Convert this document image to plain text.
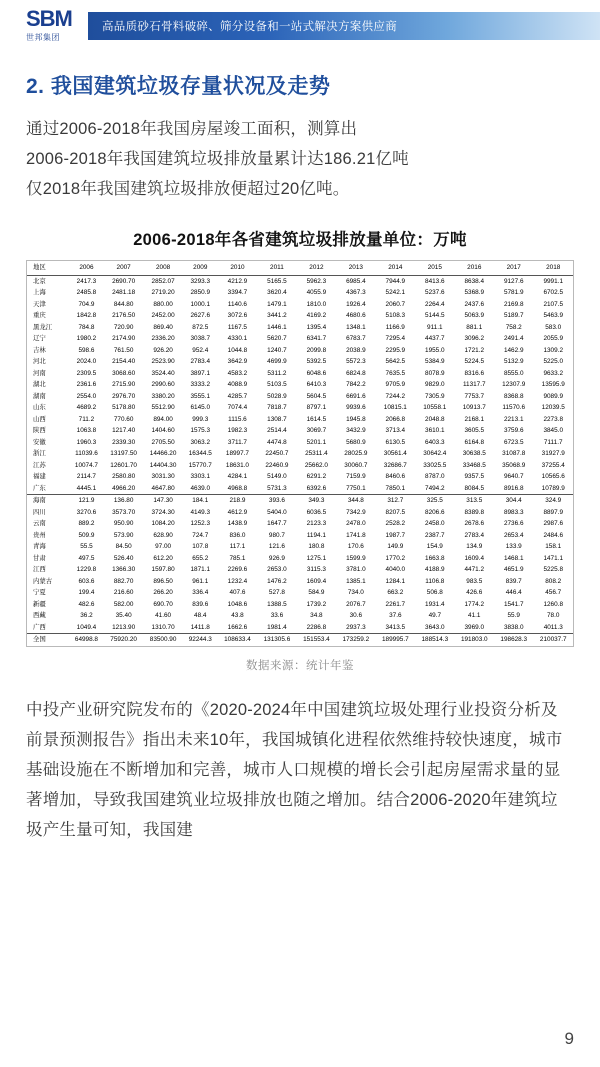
SBM
世邦集团
高品质砂石骨料破碎、筛分设备和一站式解决方案供应商
2. 我国建筑垃圾存量状况及走势
通过2006-2018年我国房屋竣工面积，测算出
2006-2018年我国建筑垃圾排放量累计达186.21亿吨
仅2018年我国建筑垃圾排放便超过20亿吨。
2006-2018年各省建筑垃圾排放量单位：万吨
地区	2006	2007	2008	2009	2010	2011	2012	2013	2014	2015	2016	2017	2018
北京	2417.3	2690.70	2852.07	3293.3	4212.9	5165.5	5962.3	6985.4	7944.9	8413.6	8638.4	9127.6	9991.1
上海	2485.8	2481.18	2719.20	2850.9	3394.7	3620.4	4055.9	4367.3	5242.1	5237.6	5368.9	5781.9	6702.5
天津	704.9	844.80	880.00	1000.1	1140.6	1479.1	1810.0	1926.4	2060.7	2264.4	2437.6	2169.8	2107.5
重庆	1842.8	2176.50	2452.00	2627.6	3072.6	3441.2	4169.2	4680.6	5108.3	5144.5	5063.9	5189.7	5463.9
黑龙江	784.8	720.90	869.40	872.5	1167.5	1446.1	1395.4	1348.1	1166.9	911.1	881.1	758.2	583.0
辽宁	1980.2	2174.90	2336.20	3038.7	4330.1	5620.7	6341.7	6783.7	7295.4	4437.7	3096.2	2491.4	2055.9
吉林	598.6	761.50	926.20	952.4	1044.8	1240.7	2099.8	2038.9	2295.9	1955.0	1721.2	1462.9	1309.2
河北	2024.0	2154.40	2523.90	2783.4	3642.9	4699.9	5392.5	5572.3	5642.5	5384.9	5224.5	5132.9	5225.0
河南	2309.5	3068.60	3524.40	3897.1	4583.2	5311.2	6048.6	6824.8	7635.5	8078.9	8316.6	8555.0	9633.2
湖北	2361.6	2715.90	2990.60	3333.2	4088.9	5103.5	6410.3	7842.2	9705.9	9829.0	11317.7	12307.9	13595.9
湖南	2554.0	2976.70	3380.20	3555.1	4285.7	5028.9	5604.5	6691.6	7244.2	7305.9	7753.7	8368.8	9089.9
山东	4689.2	5178.80	5512.90	6145.0	7074.4	7818.7	8797.1	9939.6	10815.1	10558.1	10913.7	11570.6	12039.5
山西	711.2	770.60	894.00	999.3	1115.6	1308.7	1614.5	1945.8	2066.8	2048.8	2168.1	2213.1	2273.8
陕西	1063.8	1217.40	1404.60	1575.3	1982.3	2514.4	3069.7	3432.9	3713.4	3610.1	3605.5	3759.6	3845.0
安徽	1960.3	2339.30	2705.50	3063.2	3711.7	4474.8	5201.1	5680.9	6130.5	6403.3	6164.8	6723.5	7111.7
浙江	11039.6	13197.50	14466.20	16344.5	18997.7	22450.7	25311.4	28025.9	30561.4	30642.4	30638.5	31087.8	31927.9
江苏	10074.7	12601.70	14404.30	15770.7	18631.0	22460.9	25662.0	30060.7	32686.7	33025.5	33468.5	35068.9	37255.4
福建	2114.7	2580.80	3031.30	3303.1	4284.1	5149.0	6291.2	7159.9	8460.6	8787.0	9357.5	9640.7	10565.6
广东	4445.1	4966.20	4647.80	4639.0	4968.8	5731.3	6392.6	7750.1	7850.1	7494.2	8084.5	8916.8	10789.9
海南	121.9	136.80	147.30	184.1	218.9	393.6	349.3	344.8	312.7	325.5	313.5	304.4	324.9
四川	3270.6	3573.70	3724.30	4149.3	4612.9	5404.0	6036.5	7342.9	8207.5	8206.6	8389.8	8983.3	8897.9
云南	889.2	950.90	1084.20	1252.3	1438.9	1647.7	2123.3	2478.0	2528.2	2458.0	2678.6	2736.6	2987.6
贵州	509.9	573.90	628.90	724.7	836.0	980.7	1194.1	1741.8	1987.7	2387.7	2783.4	2653.4	2484.6
青海	55.5	84.50	97.00	107.8	117.1	121.6	180.8	170.6	149.9	154.9	134.9	133.9	158.1
甘肃	497.5	526.40	612.20	655.2	785.1	926.9	1275.1	1599.9	1770.2	1663.8	1609.4	1468.1	1471.1
江西	1229.8	1366.30	1597.80	1871.1	2269.6	2653.0	3115.3	3781.0	4040.0	4188.9	4471.2	4651.9	5225.8
内蒙古	603.6	882.70	896.50	961.1	1232.4	1476.2	1609.4	1385.1	1284.1	1106.8	983.5	839.7	808.2
宁夏	199.4	216.60	266.20	336.4	407.6	527.8	584.9	734.0	663.2	506.8	426.6	446.4	456.7
新疆	482.6	582.00	690.70	839.6	1048.6	1388.5	1739.2	2076.7	2261.7	1931.4	1774.2	1541.7	1260.8
西藏	36.2	35.40	41.60	48.4	43.8	33.6	34.8	30.6	37.6	49.7	41.1	55.9	78.0
广西	1049.4	1213.90	1310.70	1411.8	1662.6	1981.4	2286.8	2937.3	3413.5	3643.0	3969.0	3838.0	4011.3
全国	64998.8	75920.20	83500.90	92244.3	108633.4	131305.6	151553.4	173259.2	189995.7	188514.3	191803.0	198628.3	210037.7
数据来源：统计年鉴
中投产业研究院发布的《2020-2024年中国建筑垃圾处理行业投资分析及前景预测报告》指出未来10年，我国城镇化进程依然维持较快速度，城市基础设施在不断增加和完善，城市人口规模的增长会引起房屋需求量的显著增加，导致我国建筑业垃圾排放也随之增加。结合2006-2020年建筑垃圾产生量可知，我国建
9
